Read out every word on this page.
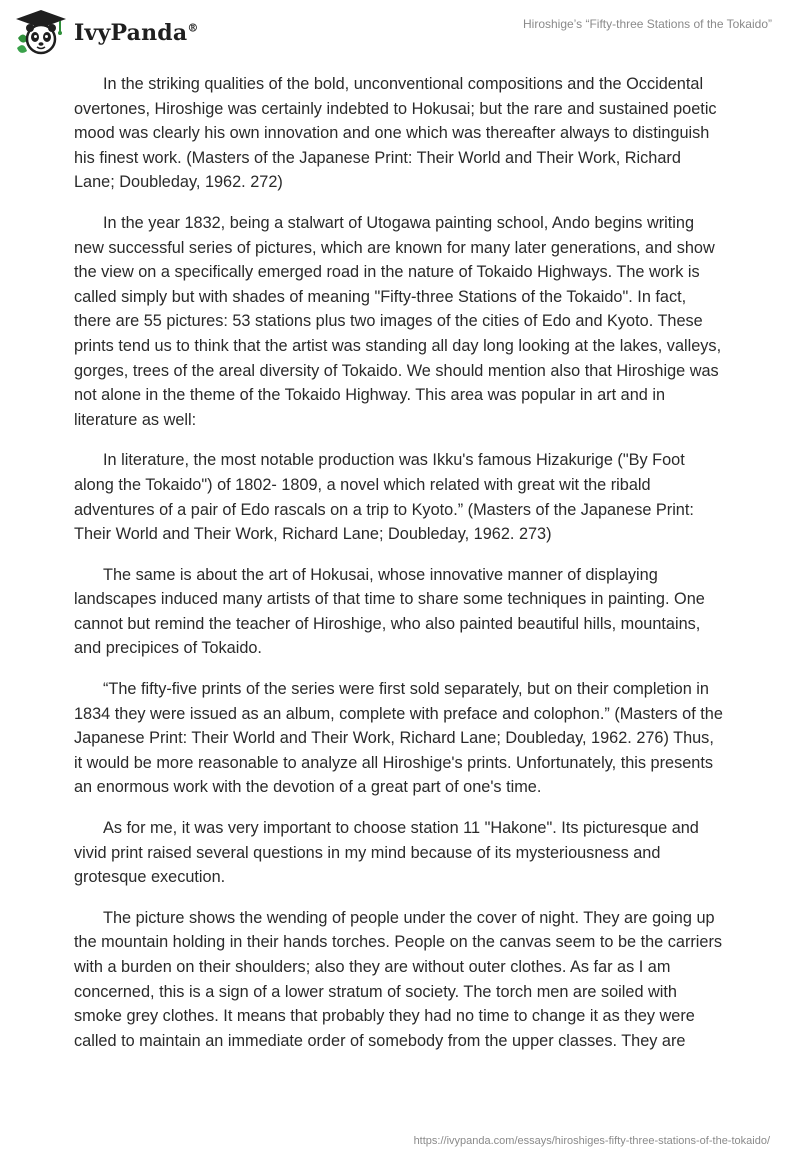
IvyPanda®	Hiroshige’s “Fifty-three Stations of the Tokaido”

In the striking qualities of the bold, unconventional compositions and the Occidental overtones, Hiroshige was certainly indebted to Hokusai; but the rare and sustained poetic mood was clearly his own innovation and one which was thereafter always to distinguish his finest work. (Masters of the Japanese Print: Their World and Their Work, Richard Lane; Doubleday, 1962. 272)

In the year 1832, being a stalwart of Utogawa painting school, Ando begins writing new successful series of pictures, which are known for many later generations, and show the view on a specifically emerged road in the nature of Tokaido Highways. The work is called simply but with shades of meaning "Fifty-three Stations of the Tokaido". In fact, there are 55 pictures: 53 stations plus two images of the cities of Edo and Kyoto. These prints tend us to think that the artist was standing all day long looking at the lakes, valleys, gorges, trees of the areal diversity of Tokaido. We should mention also that Hiroshige was not alone in the theme of the Tokaido Highway. This area was popular in art and in literature as well:

In literature, the most notable production was Ikku's famous Hizakurige ("By Foot along the Tokaido") of 1802- 1809, a novel which related with great wit the ribald adventures of a pair of Edo rascals on a trip to Kyoto.” (Masters of the Japanese Print: Their World and Their Work, Richard Lane; Doubleday, 1962. 273)

The same is about the art of Hokusai, whose innovative manner of displaying landscapes induced many artists of that time to share some techniques in painting. One cannot but remind the teacher of Hiroshige, who also painted beautiful hills, mountains, and precipices of Tokaido.

“The fifty-five prints of the series were first sold separately, but on their completion in 1834 they were issued as an album, complete with preface and colophon.” (Masters of the Japanese Print: Their World and Their Work, Richard Lane; Doubleday, 1962. 276) Thus, it would be more reasonable to analyze all Hiroshige's prints. Unfortunately, this presents an enormous work with the devotion of a great part of one's time.

As for me, it was very important to choose station 11 "Hakone". Its picturesque and vivid print raised several questions in my mind because of its mysteriousness and grotesque execution.

The picture shows the wending of people under the cover of night. They are going up the mountain holding in their hands torches. People on the canvas seem to be the carriers with a burden on their shoulders; also they are without outer clothes. As far as I am concerned, this is a sign of a lower stratum of society. The torch men are soiled with smoke grey clothes. It means that probably they had no time to change it as they were called to maintain an immediate order of somebody from the upper classes. They are

https://ivypanda.com/essays/hiroshiges-fifty-three-stations-of-the-tokaido/
